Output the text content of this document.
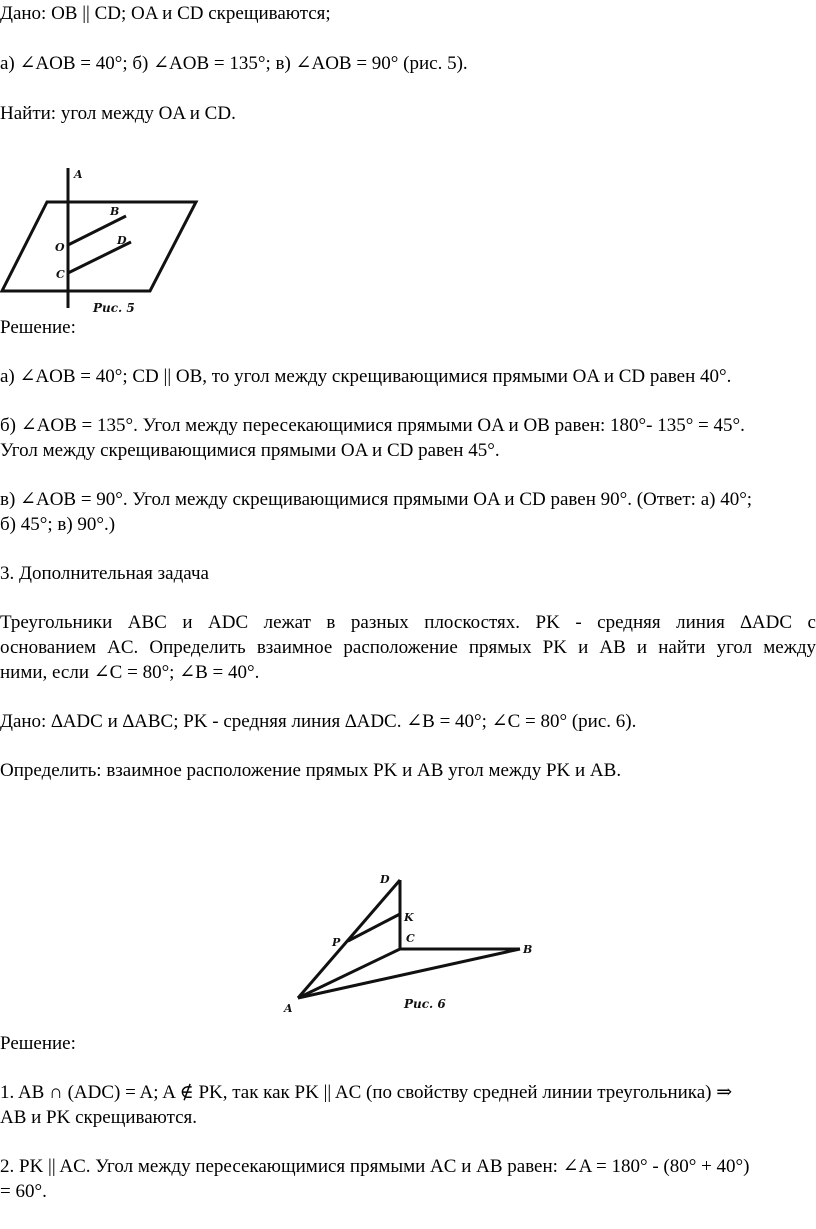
Дано: OB || CD; OA и CD скрещиваются;
а) ∠AOB = 40°; б) ∠AOB = 135°; в) ∠AOB = 90° (рис. 5).
Найти: угол между OA и CD.
A
B
O
D
C
Рис. 5
Решение:
а) ∠AOB = 40°; CD || OB, то угол между скрещивающимися прямыми OA и CD равен 40°.
б) ∠AOB = 135°. Угол между пересекающимися прямыми OA и OB равен: 180°- 135° = 45°.
Угол между скрещивающимися прямыми OA и CD равен 45°.
в) ∠AOB = 90°. Угол между скрещивающимися прямыми OA и CD равен 90°. (Ответ: а) 40°;
б) 45°; в) 90°.)
3. Дополнительная задача
Треугольники ABC и ADC лежат в разных плоскостях. PK - средняя линия ∆ADC с
основанием AC. Определить взаимное расположение прямых PK и AB и найти угол между
ними, если ∠C = 80°; ∠B = 40°.
Дано: ∆ADC и ∆ABC; PK - средняя линия ∆ADC. ∠B = 40°; ∠C = 80° (рис. 6).
Определить: взаимное расположение прямых PK и AB угол между PK и AB.
D
K
P	C
B
A	Рис. 6
Решение:
1. AB ∩ (ADC) = A; A ∉ PK, так как PK || AC (по свойству средней линии треугольника) ⇒
AB и PK скрещиваются.
2. PK || AC. Угол между пересекающимися прямыми AC и AB равен: ∠A = 180° - (80° + 40°)
= 60°.
